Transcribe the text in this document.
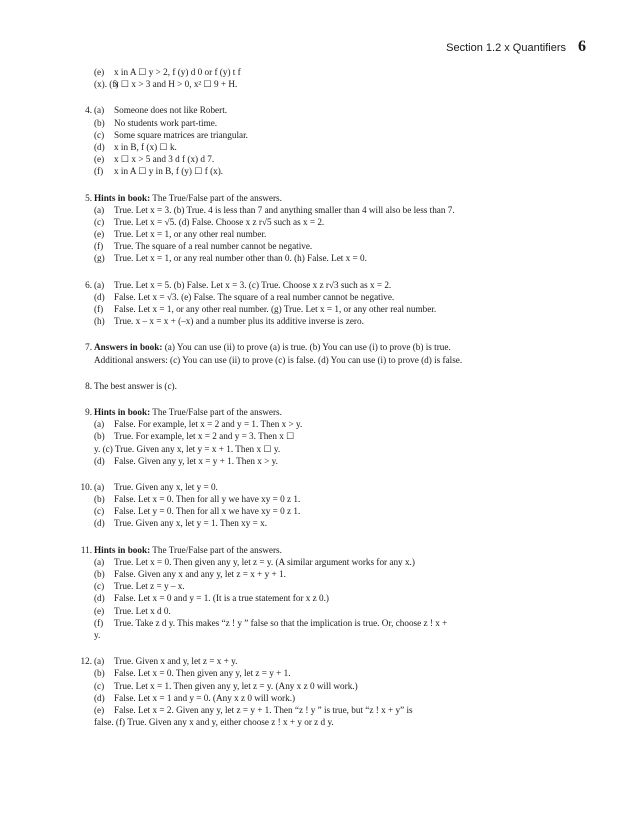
Section 1.2 x Quantifiers 6
(e)	x in A ☐ y > 2, f (y) d 0 or f (y) t f
(x). (f)
x ☐ x > 3 and H > 0, x² ☐ 9 + H.
4. (a)	Someone does not like Robert.
(b)	No students work part-time.
(c)	Some square matrices are triangular.
(d)	x in B, f (x) ☐ k.
(e)	x ☐ x > 5 and 3 d f (x) d 7.
(f)	x in A ☐ y in B, f (y) ☐ f (x).
5. Hints in book: The True/False part of the answers.
(a)	True. Let x = 3. (b) True. 4 is less than 7 and anything smaller than 4 will also be less than 7.
(c)	True. Let x = √5. (d) False. Choose x z r√5 such as x = 2.
(e)	True. Let x = 1, or any other real number.
(f)	True. The square of a real number cannot be negative.
(g)	True. Let x = 1, or any real number other than 0. (h) False. Let x = 0.
6. (a)	True. Let x = 5. (b) False. Let x = 3. (c) True. Choose x z r√3 such as x = 2.
(d)	False. Let x = √3. (e) False. The square of a real number cannot be negative.
(f)	False. Let x = 1, or any other real number. (g) True. Let x = 1, or any other real number.
(h)	True. x – x = x + (–x) and a number plus its additive inverse is zero.
7. Answers in book: (a) You can use (ii) to prove (a) is true. (b) You can use (i) to prove (b) is true.
Additional answers: (c) You can use (ii) to prove (c) is false. (d) You can use (i) to prove (d) is false.
8. The best answer is (c).
9. Hints in book: The True/False part of the answers.
(a)	False. For example, let x = 2 and y = 1. Then x > y.
(b)	True. For example, let x = 2 and y = 3. Then x ☐
y. (c) True. Given any x, let y = x + 1. Then x ☐ y.
(d)	False. Given any y, let x = y + 1. Then x > y.
10. (a)	True. Given any x, let y = 0.
(b)	False. Let x = 0. Then for all y we have xy = 0 z 1.
(c)	False. Let y = 0. Then for all x we have xy = 0 z 1.
(d)	True. Given any x, let y = 1. Then xy = x.
11. Hints in book: The True/False part of the answers.
(a)	True. Let x = 0. Then given any y, let z = y. (A similar argument works for any x.)
(b)	False. Given any x and any y, let z = x + y + 1.
(c)	True. Let z = y – x.
(d)	False. Let x = 0 and y = 1. (It is a true statement for x z 0.)
(e)	True. Let x d 0.
(f)	True. Take z d y. This makes “z ! y ” false so that the implication is true. Or, choose z ! x +
y.
12. (a)	True. Given x and y, let z = x + y.
(b)	False. Let x = 0. Then given any y, let z = y + 1.
(c)	True. Let x = 1. Then given any y, let z = y. (Any x z 0 will work.)
(d)	False. Let x = 1 and y = 0. (Any x z 0 will work.)
(e)	False. Let x = 2. Given any y, let z = y + 1. Then “z ! y ” is true, but “z ! x + y” is
false. (f) True. Given any x and y, either choose z ! x + y or z d y.
